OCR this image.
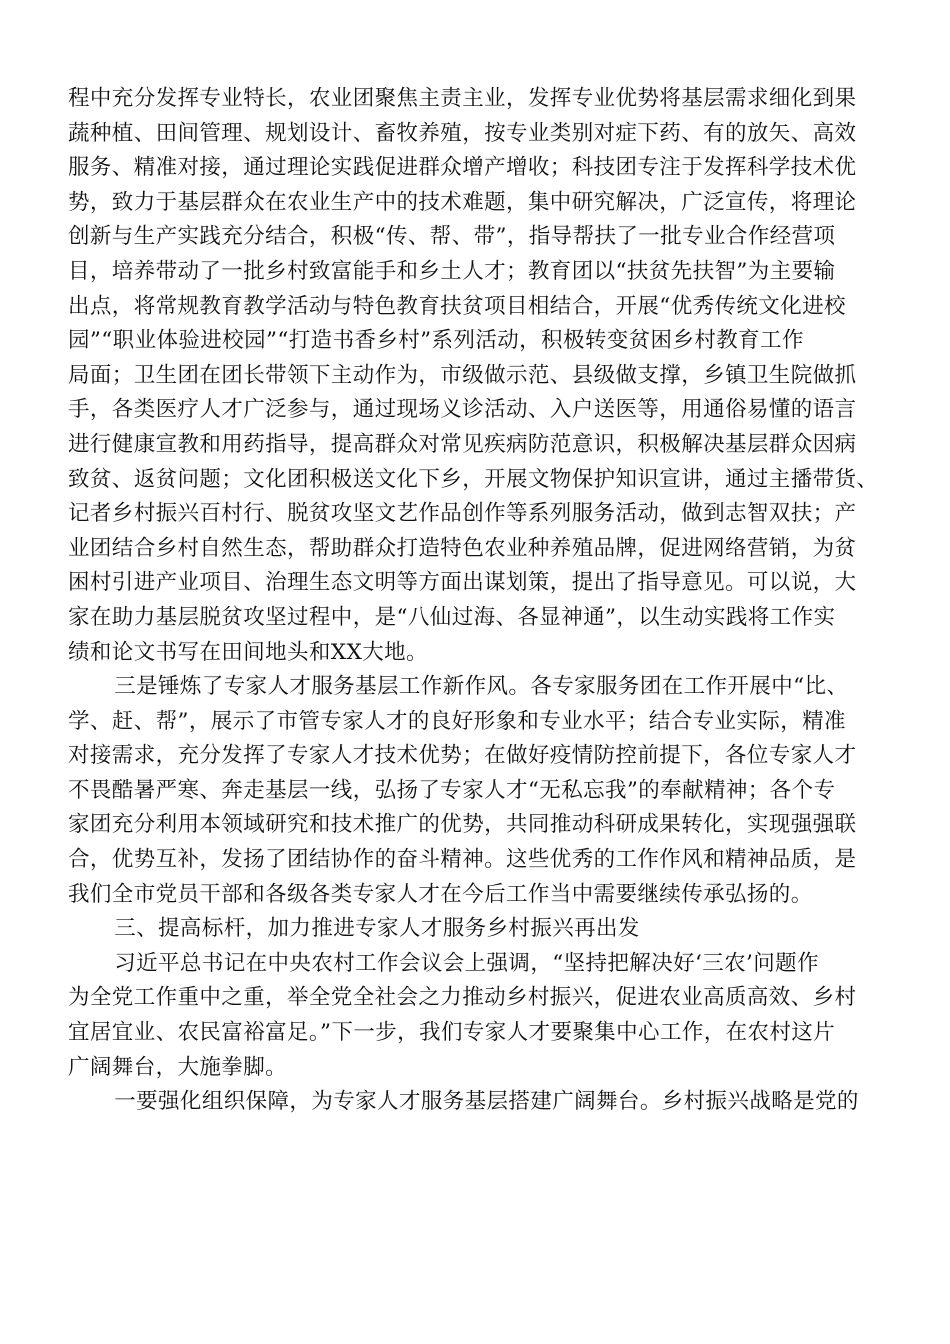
程中充分发挥专业特长，农业团聚焦主责主业，发挥专业优势将基层需求细化到果
蔬种植、田间管理、规划设计、畜牧养殖，按专业类别对症下药、有的放矢、高效
服务、精准对接，通过理论实践促进群众增产增收；科技团专注于发挥科学技术优
势，致力于基层群众在农业生产中的技术难题，集中研究解决，广泛宣传，将理论
创新与生产实践充分结合，积极“传、帮、带”，指导帮扶了一批专业合作经营项
目，培养带动了一批乡村致富能手和乡土人才；教育团以“扶贫先扶智”为主要输
出点，将常规教育教学活动与特色教育扶贫项目相结合，开展“优秀传统文化进校
园”“职业体验进校园”“打造书香乡村”系列活动，积极转变贫困乡村教育工作
局面；卫生团在团长带领下主动作为，市级做示范、县级做支撑，乡镇卫生院做抓
手，各类医疗人才广泛参与，通过现场义诊活动、入户送医等，用通俗易懂的语言
进行健康宣教和用药指导，提高群众对常见疾病防范意识，积极解决基层群众因病
致贫、返贫问题；文化团积极送文化下乡，开展文物保护知识宣讲，通过主播带货、
记者乡村振兴百村行、脱贫攻坚文艺作品创作等系列服务活动，做到志智双扶；产
业团结合乡村自然生态，帮助群众打造特色农业种养殖品牌，促进网络营销，为贫
困村引进产业项目、治理生态文明等方面出谋划策，提出了指导意见。可以说，大
家在助力基层脱贫攻坚过程中，是“八仙过海、各显神通”，以生动实践将工作实
绩和论文书写在田间地头和XX大地。
三是锤炼了专家人才服务基层工作新作风。各专家服务团在工作开展中“比、
学、赶、帮”，展示了市管专家人才的良好形象和专业水平；结合专业实际，精准
对接需求，充分发挥了专家人才技术优势；在做好疫情防控前提下，各位专家人才
不畏酷暑严寒、奔走基层一线，弘扬了专家人才“无私忘我”的奉献精神；各个专
家团充分利用本领域研究和技术推广的优势，共同推动科研成果转化，实现强强联
合，优势互补，发扬了团结协作的奋斗精神。这些优秀的工作作风和精神品质，是
我们全市党员干部和各级各类专家人才在今后工作当中需要继续传承弘扬的。
三、提高标杆，加力推进专家人才服务乡村振兴再出发
习近平总书记在中央农村工作会议会上强调，“坚持把解决好‘三农’问题作
为全党工作重中之重，举全党全社会之力推动乡村振兴，促进农业高质高效、乡村
宜居宜业、农民富裕富足。”下一步，我们专家人才要聚集中心工作，在农村这片
广阔舞台，大施拳脚。
一要强化组织保障，为专家人才服务基层搭建广阔舞台。乡村振兴战略是党的
